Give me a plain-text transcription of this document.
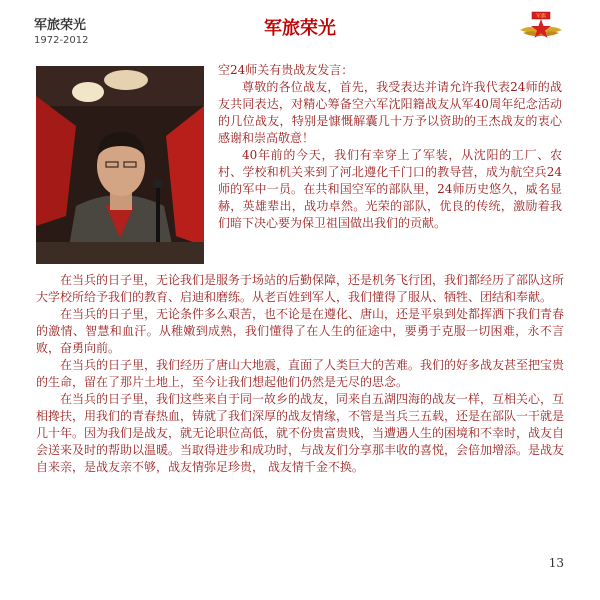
军旅荣光
1972-2012
军旅荣光
军旗

空24师关有贵战友发言：

尊敬的各位战友，首先，我受表达并请允许我代表24师的战友共同表达，对精心筹备空六军沈阳籍战友从军40周年纪念活动的几位战友，特别是慷慨解囊几十万予以资助的王杰战友的衷心感谢和崇高敬意！

40年前的今天，我们有幸穿上了军装，从沈阳的工厂、农村、学校和机关来到了河北遵化千门口的教导营，成为航空兵24师的军中一员。在共和国空军的部队里，24师历史悠久，威名显赫，英雄辈出，战功卓然。光荣的部队，优良的传统，激励着我们暗下决心要为保卫祖国做出我们的贡献。

在当兵的日子里，无论我们是服务于场站的后勤保障，还是机务飞行团，我们都经历了部队这所大学校所给予我们的教育、启迪和磨练。从老百姓到军人，我们懂得了服从、牺牲、团结和奉献。

在当兵的日子里，无论条件多么艰苦，也不论是在遵化、唐山，还是平泉到处都挥洒下我们青春的激情、智慧和血汗。从稚嫩到成熟，我们懂得了在人生的征途中，要勇于克服一切困难，永不言败，奋勇向前。

在当兵的日子里，我们经历了唐山大地震，直面了人类巨大的苦难。我们的好多战友甚至把宝贵的生命，留在了那片土地上，至今让我们想起他们仍然是无尽的思念。

在当兵的日子里，我们这些来自于同一故乡的战友，同来自五湖四海的战友一样，互相关心，互相搀扶，用我们的青春热血，铸就了我们深厚的战友情缘，不管是当兵三五载，还是在部队一干就是几十年。因为我们是战友，就无论职位高低，就不份贵富贵贱，当遭遇人生的困境和不幸时，战友自会送来及时的帮助以温暖。当取得进步和成功时，与战友们分享那丰收的喜悦，会倍加增添。是战友自来亲，是战友亲不够，战友情弥足珍贵， 战友情千金不换。

13
